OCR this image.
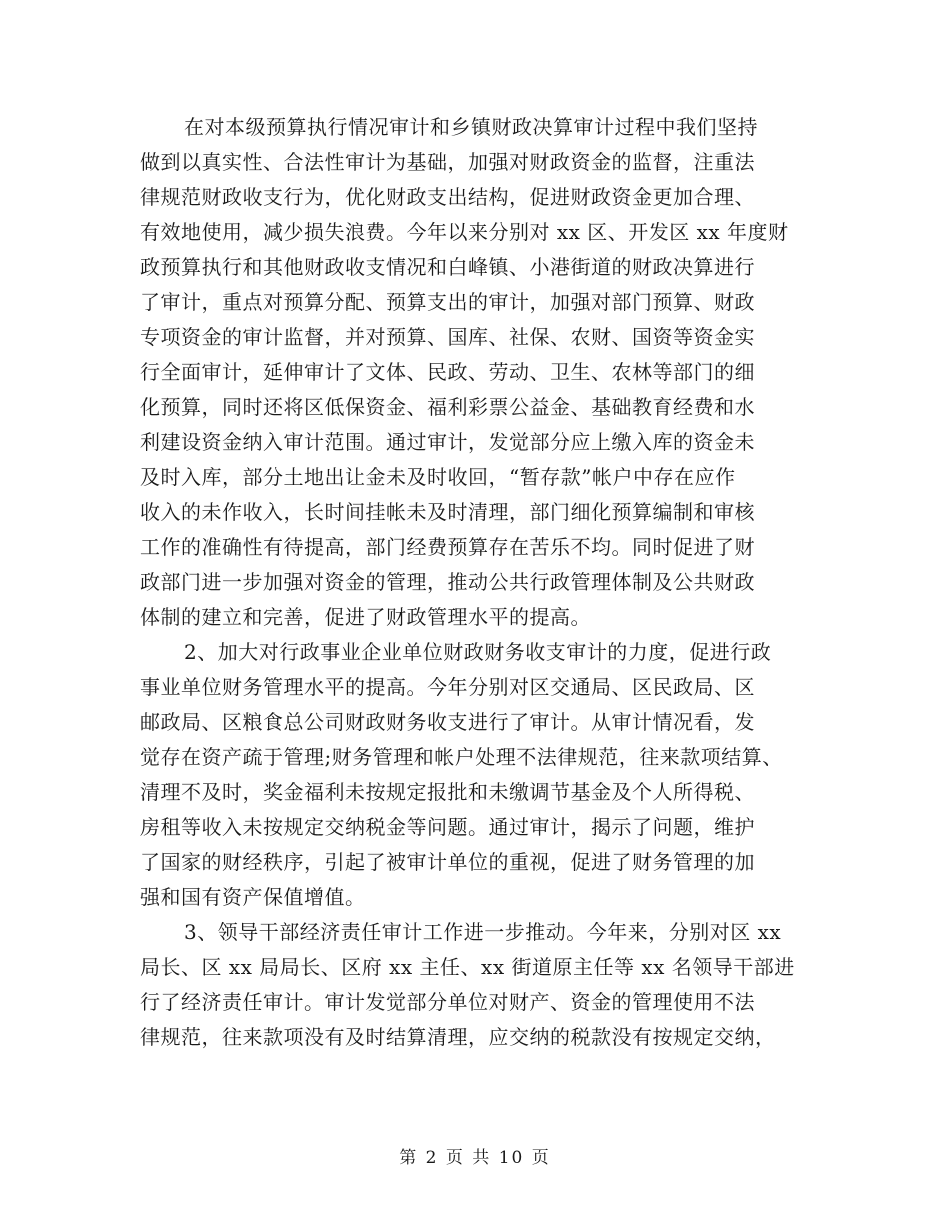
在对本级预算执行情况审计和乡镇财政决算审计过程中我们坚持
做到以真实性、合法性审计为基础，加强对财政资金的监督，注重法
律规范财政收支行为，优化财政支出结构，促进财政资金更加合理、
有效地使用，减少损失浪费。今年以来分别对 xx 区、开发区 xx 年度财
政预算执行和其他财政收支情况和白峰镇、小港街道的财政决算进行
了审计，重点对预算分配、预算支出的审计，加强对部门预算、财政
专项资金的审计监督，并对预算、国库、社保、农财、国资等资金实
行全面审计，延伸审计了文体、民政、劳动、卫生、农林等部门的细
化预算，同时还将区低保资金、福利彩票公益金、基础教育经费和水
利建设资金纳入审计范围。通过审计，发觉部分应上缴入库的资金未
及时入库，部分土地出让金未及时收回，“暂存款”帐户中存在应作
收入的未作收入，长时间挂帐未及时清理，部门细化预算编制和审核
工作的准确性有待提高，部门经费预算存在苦乐不均。同时促进了财
政部门进一步加强对资金的管理，推动公共行政管理体制及公共财政
体制的建立和完善，促进了财政管理水平的提高。
2、加大对行政事业企业单位财政财务收支审计的力度，促进行政
事业单位财务管理水平的提高。今年分别对区交通局、区民政局、区
邮政局、区粮食总公司财政财务收支进行了审计。从审计情况看，发
觉存在资产疏于管理;财务管理和帐户处理不法律规范，往来款项结算、
清理不及时，奖金福利未按规定报批和未缴调节基金及个人所得税、
房租等收入未按规定交纳税金等问题。通过审计，揭示了问题，维护
了国家的财经秩序，引起了被审计单位的重视，促进了财务管理的加
强和国有资产保值增值。
3、领导干部经济责任审计工作进一步推动。今年来，分别对区 xx
局长、区 xx 局局长、区府 xx 主任、xx 街道原主任等 xx 名领导干部进
行了经济责任审计。审计发觉部分单位对财产、资金的管理使用不法
律规范，往来款项没有及时结算清理，应交纳的税款没有按规定交纳，
第 2 页 共 10 页
